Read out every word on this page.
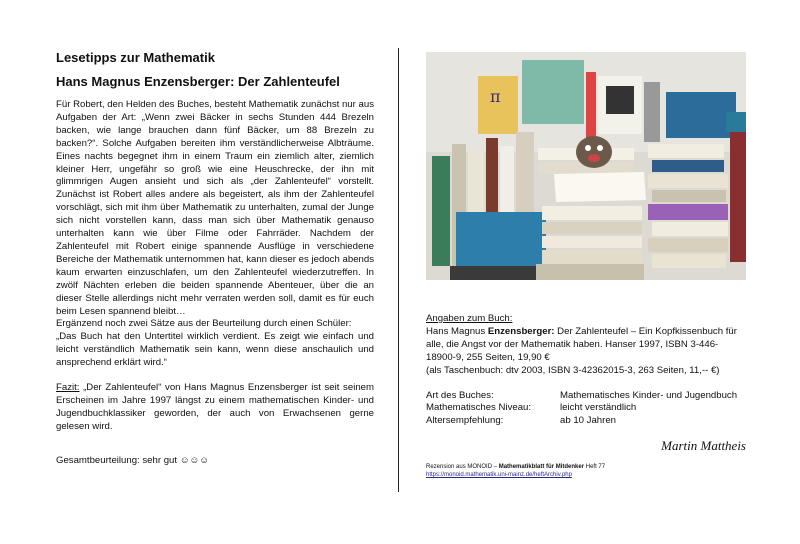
Lesetipps zur Mathematik
Hans Magnus Enzensberger: Der Zahlenteufel

Für Robert, den Helden des Buches, besteht Mathematik zunächst nur aus Aufgaben der Art: „Wenn zwei Bäcker in sechs Stunden 444 Brezeln backen, wie lange brauchen dann fünf Bäcker, um 88 Brezeln zu backen?“. Solche Aufgaben bereiten ihm verständlicherweise Albträume. Eines nachts begegnet ihm in einem Traum ein ziemlich alter, ziemlich kleiner Herr, ungefähr so groß wie eine Heuschrecke, der ihn mit glimmrigen Augen ansieht und sich als „der Zahlenteufel“ vorstellt. Zunächst ist Robert alles andere als begeistert, als ihm der Zahlenteufel vorschlägt, sich mit ihm über Mathematik zu unterhalten, zumal der Junge sich nicht vorstellen kann, dass man sich über Mathematik genauso unterhalten kann wie über Filme oder Fahrräder. Nachdem der Zahlenteufel mit Robert einige spannende Ausflüge in verschiedene Bereiche der Mathematik unternommen hat, kann dieser es jedoch abends kaum erwarten einzuschlafen, um den Zahlenteufel wiederzutreffen. In zwölf Nächten erleben die beiden spannende Abenteuer, über die an dieser Stelle allerdings nicht mehr verraten werden soll, damit es für euch beim Lesen spannend bleibt…

Ergänzend noch zwei Sätze aus der Beurteilung durch einen Schüler:

„Das Buch hat den Untertitel wirklich verdient. Es zeigt wie einfach und leicht verständlich Mathematik sein kann, wenn diese anschaulich und ansprechend erklärt wird.“

Fazit: „Der Zahlenteufel“ von Hans Magnus Enzensberger ist seit seinem Erscheinen im Jahre 1997 längst zu einem mathematischen Kinder- und Jugendbuchklassiker geworden, der auch von Erwachsenen gerne gelesen wird.

Gesamtbeurteilung: sehr gut ☺☺☺

π
Angaben zum Buch:
Hans Magnus Enzensberger: Der Zahlenteufel – Ein Kopfkissenbuch für alle, die Angst vor der Mathematik haben. Hanser 1997, ISBN 3-446-18900-9, 255 Seiten, 19,90 €
(als Taschenbuch: dtv 2003, ISBN 3-42362015-3, 263 Seiten, 11,-- €)
Art des Buches:	Mathematisches Kinder- und Jugendbuch
Mathematisches Niveau:	leicht verständlich
Altersempfehlung:	ab 10 Jahren
Martin Mattheis
Rezension aus MONOID – Mathematikblatt für Mitdenker Heft 77
https://monoid.mathematik.uni-mainz.de/heftArchiv.php
